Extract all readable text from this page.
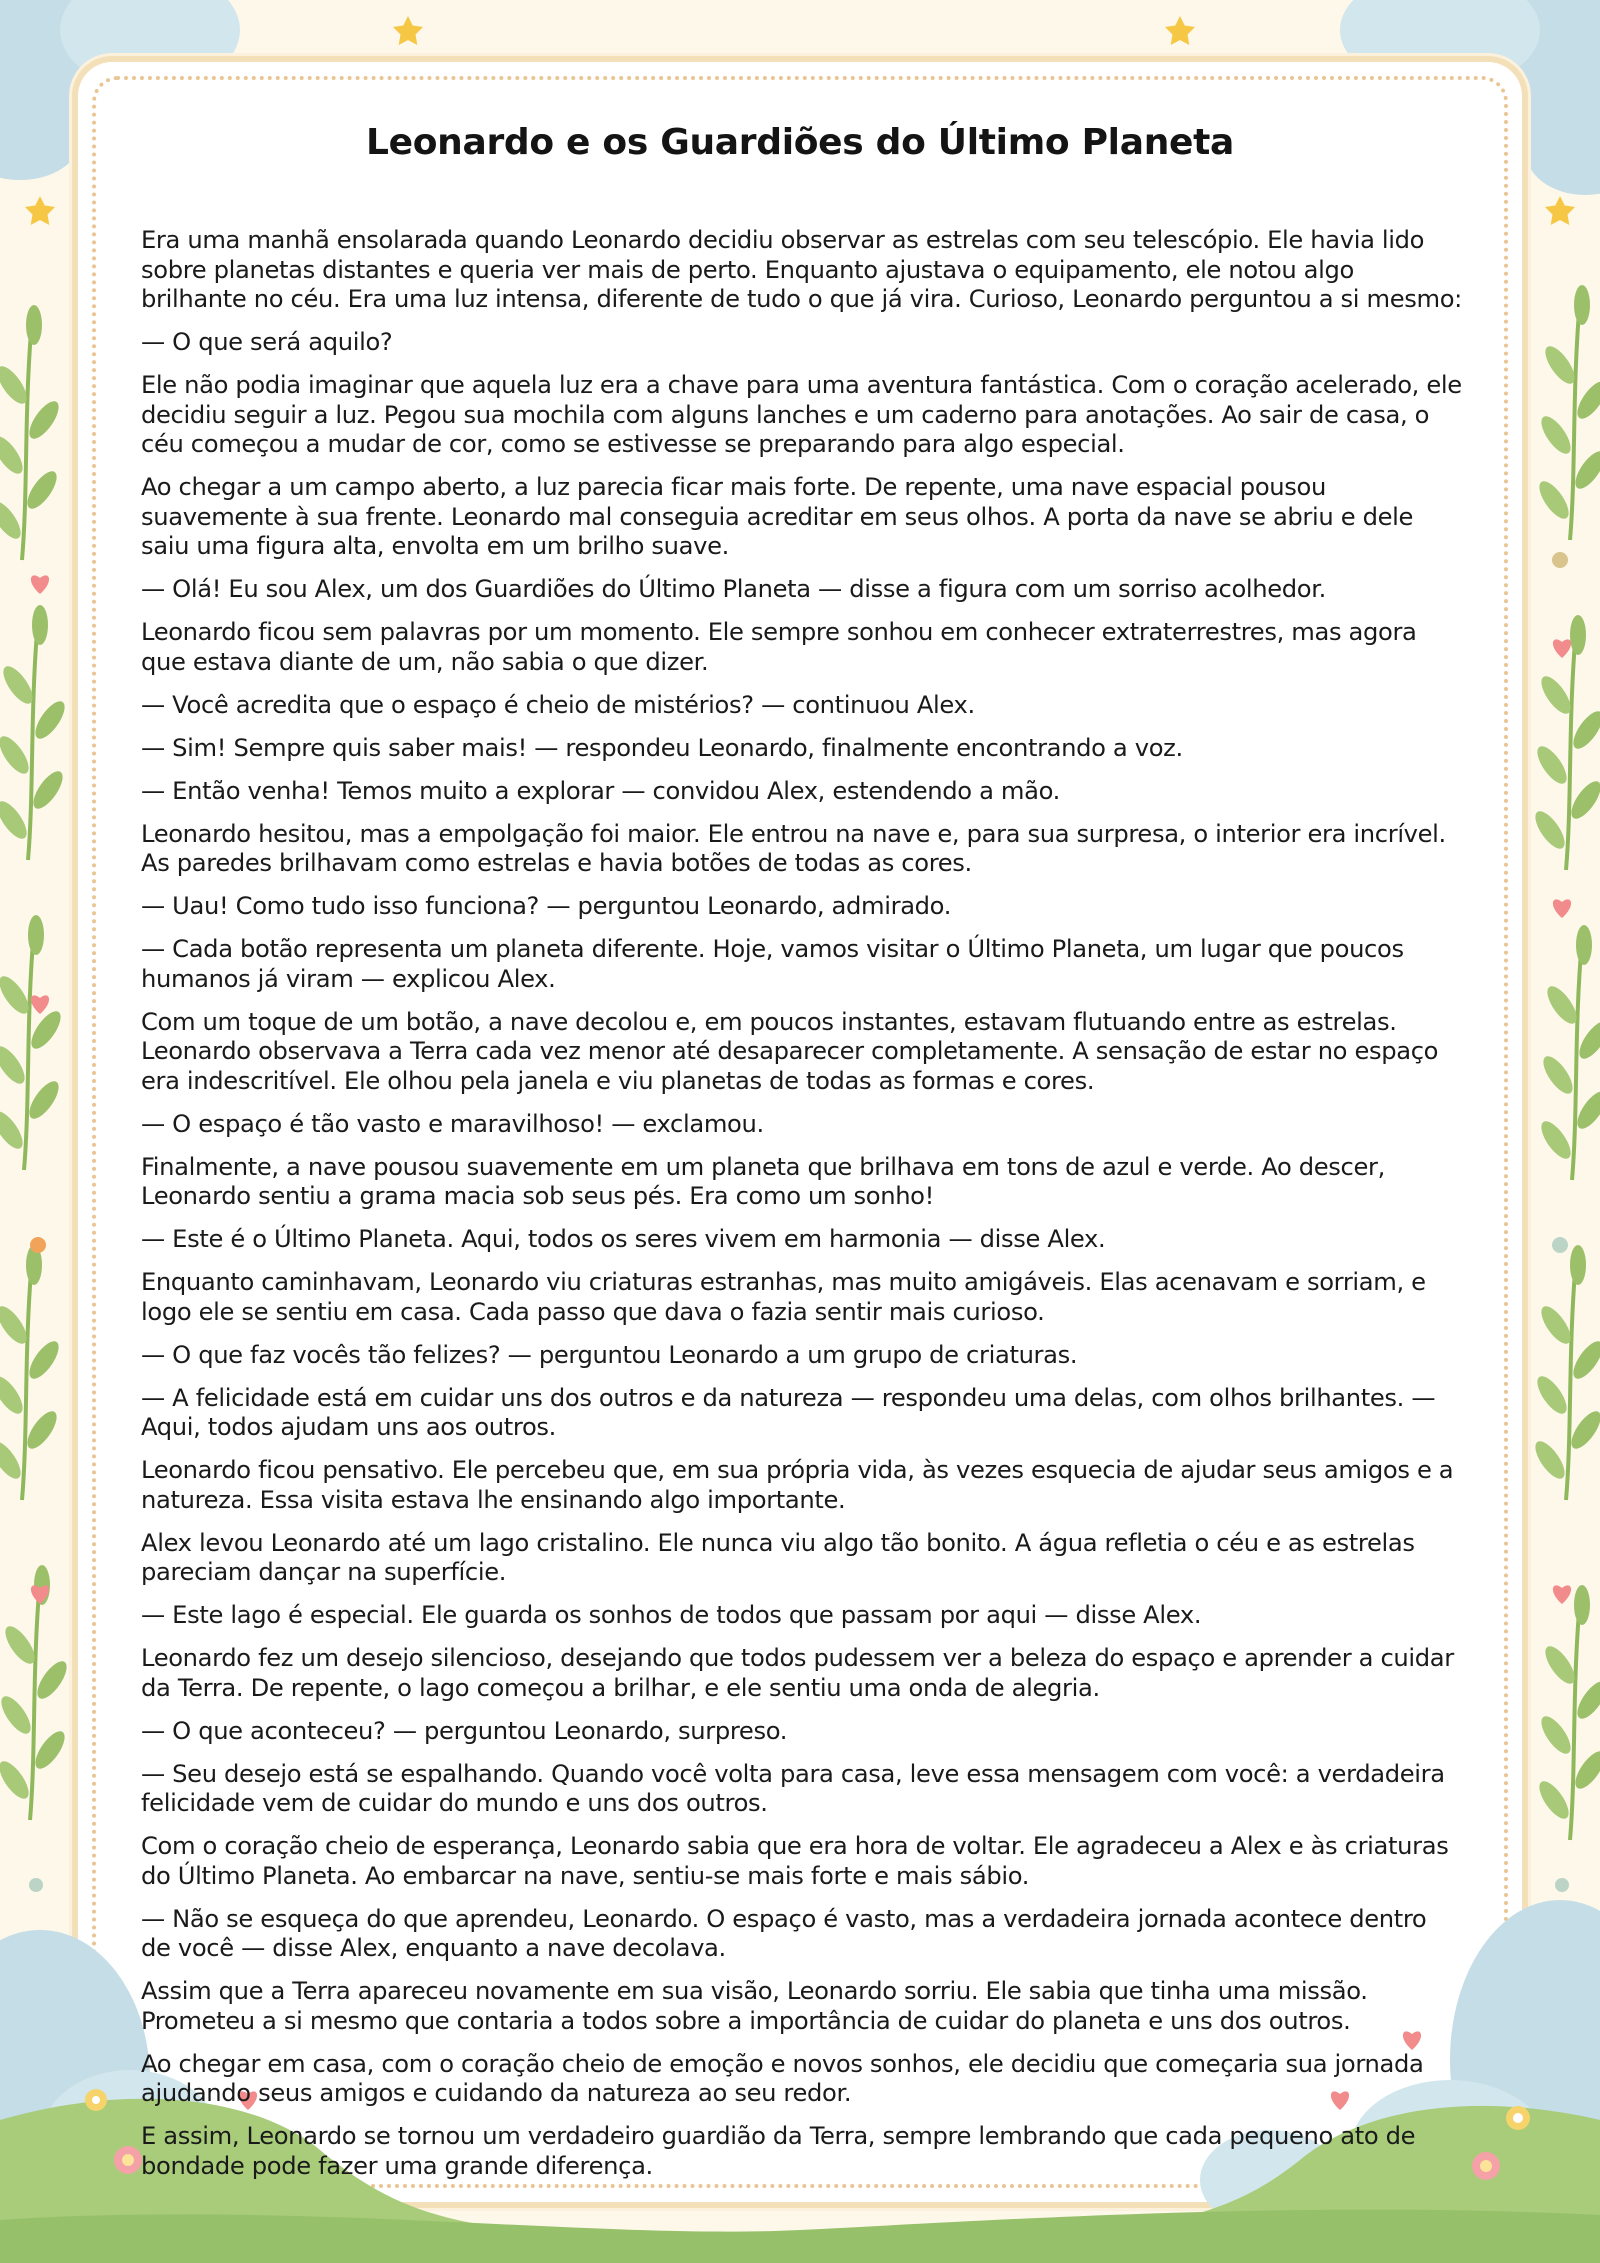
Leonardo e os Guardiões do Último Planeta

Era uma manhã ensolarada quando Leonardo decidiu observar as estrelas com seu telescópio. Ele havia lido sobre planetas distantes e queria ver mais de perto. Enquanto ajustava o equipamento, ele notou algo brilhante no céu. Era uma luz intensa, diferente de tudo o que já vira. Curioso, Leonardo perguntou a si mesmo:

— O que será aquilo?

Ele não podia imaginar que aquela luz era a chave para uma aventura fantástica. Com o coração acelerado, ele decidiu seguir a luz. Pegou sua mochila com alguns lanches e um caderno para anotações. Ao sair de casa, o céu começou a mudar de cor, como se estivesse se preparando para algo especial.

Ao chegar a um campo aberto, a luz parecia ficar mais forte. De repente, uma nave espacial pousou suavemente à sua frente. Leonardo mal conseguia acreditar em seus olhos. A porta da nave se abriu e dele saiu uma figura alta, envolta em um brilho suave.

— Olá! Eu sou Alex, um dos Guardiões do Último Planeta — disse a figura com um sorriso acolhedor.

Leonardo ficou sem palavras por um momento. Ele sempre sonhou em conhecer extraterrestres, mas agora que estava diante de um, não sabia o que dizer.

— Você acredita que o espaço é cheio de mistérios? — continuou Alex.

— Sim! Sempre quis saber mais! — respondeu Leonardo, finalmente encontrando a voz.

— Então venha! Temos muito a explorar — convidou Alex, estendendo a mão.

Leonardo hesitou, mas a empolgação foi maior. Ele entrou na nave e, para sua surpresa, o interior era incrível. As paredes brilhavam como estrelas e havia botões de todas as cores.

— Uau! Como tudo isso funciona? — perguntou Leonardo, admirado.

— Cada botão representa um planeta diferente. Hoje, vamos visitar o Último Planeta, um lugar que poucos humanos já viram — explicou Alex.

Com um toque de um botão, a nave decolou e, em poucos instantes, estavam flutuando entre as estrelas. Leonardo observava a Terra cada vez menor até desaparecer completamente. A sensação de estar no espaço era indescritível. Ele olhou pela janela e viu planetas de todas as formas e cores.

— O espaço é tão vasto e maravilhoso! — exclamou.

Finalmente, a nave pousou suavemente em um planeta que brilhava em tons de azul e verde. Ao descer, Leonardo sentiu a grama macia sob seus pés. Era como um sonho!

— Este é o Último Planeta. Aqui, todos os seres vivem em harmonia — disse Alex.

Enquanto caminhavam, Leonardo viu criaturas estranhas, mas muito amigáveis. Elas acenavam e sorriam, e logo ele se sentiu em casa. Cada passo que dava o fazia sentir mais curioso.

— O que faz vocês tão felizes? — perguntou Leonardo a um grupo de criaturas.

— A felicidade está em cuidar uns dos outros e da natureza — respondeu uma delas, com olhos brilhantes. — Aqui, todos ajudam uns aos outros.

Leonardo ficou pensativo. Ele percebeu que, em sua própria vida, às vezes esquecia de ajudar seus amigos e a natureza. Essa visita estava lhe ensinando algo importante.

Alex levou Leonardo até um lago cristalino. Ele nunca viu algo tão bonito. A água refletia o céu e as estrelas pareciam dançar na superfície.

— Este lago é especial. Ele guarda os sonhos de todos que passam por aqui — disse Alex.

Leonardo fez um desejo silencioso, desejando que todos pudessem ver a beleza do espaço e aprender a cuidar da Terra. De repente, o lago começou a brilhar, e ele sentiu uma onda de alegria.

— O que aconteceu? — perguntou Leonardo, surpreso.

— Seu desejo está se espalhando. Quando você volta para casa, leve essa mensagem com você: a verdadeira felicidade vem de cuidar do mundo e uns dos outros.

Com o coração cheio de esperança, Leonardo sabia que era hora de voltar. Ele agradeceu a Alex e às criaturas do Último Planeta. Ao embarcar na nave, sentiu-se mais forte e mais sábio.

— Não se esqueça do que aprendeu, Leonardo. O espaço é vasto, mas a verdadeira jornada acontece dentro de você — disse Alex, enquanto a nave decolava.

Assim que a Terra apareceu novamente em sua visão, Leonardo sorriu. Ele sabia que tinha uma missão. Prometeu a si mesmo que contaria a todos sobre a importância de cuidar do planeta e uns dos outros.

Ao chegar em casa, com o coração cheio de emoção e novos sonhos, ele decidiu que começaria sua jornada ajudando seus amigos e cuidando da natureza ao seu redor.

E assim, Leonardo se tornou um verdadeiro guardião da Terra, sempre lembrando que cada pequeno ato de bondade pode fazer uma grande diferença.
